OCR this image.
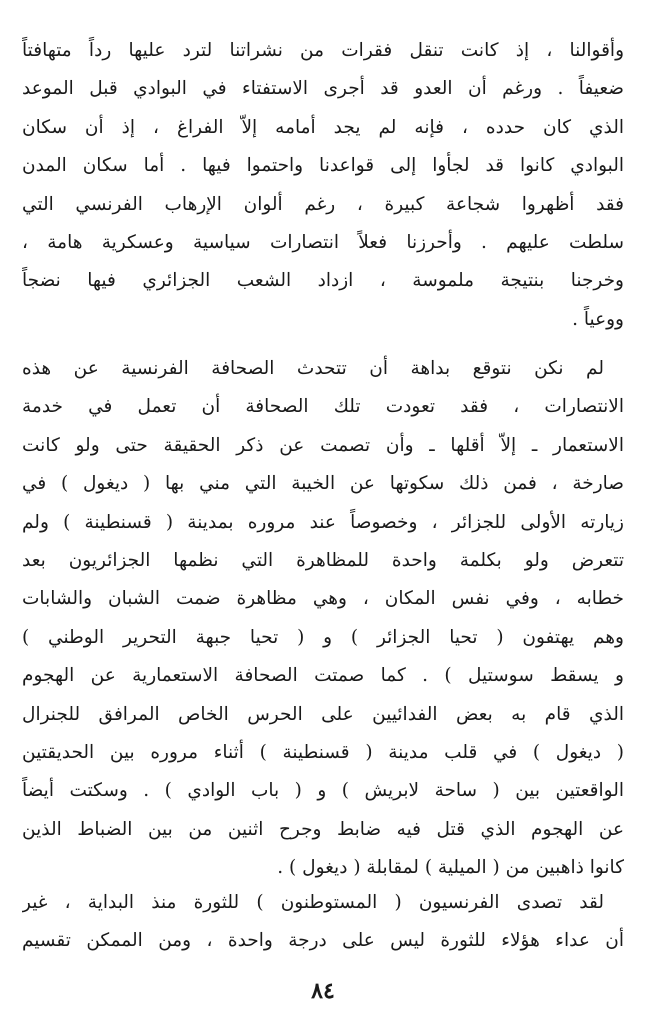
وأقوالنا ، إذ كانت تنقل فقرات من نشراتنا لترد عليها رداً متهافتاً
ضعيفاً . ورغم أن العدو قد أجرى الاستفتاء في البوادي قبل الموعد
الذي كان حدده ، فإنه لم يجد أمامه إلاّ الفراغ ، إذ أن سكان
البوادي كانوا قد لجأوا إلى قواعدنا واحتموا فيها . أما سكان المدن
فقد أظهروا شجاعة كبيرة ، رغم ألوان الإرهاب الفرنسي التي
سلطت عليهم . وأحرزنا فعلاً انتصارات سياسية وعسكرية هامة ،
وخرجنا بنتيجة ملموسة ، ازداد الشعب الجزائري فيها نضجاً
ووعياً .
لم نكن نتوقع بداهة أن تتحدث الصحافة الفرنسية عن هذه
الانتصارات ، فقد تعودت تلك الصحافة أن تعمل في خدمة
الاستعمار ـ إلاّ أقلها ـ وأن تصمت عن ذكر الحقيقة حتى ولو كانت
صارخة ، فمن ذلك سكوتها عن الخيبة التي مني بها ( ديغول ) في
زيارته الأولى للجزائر ، وخصوصاً عند مروره بمدينة ( قسنطينة ) ولم
تتعرض ولو بكلمة واحدة للمظاهرة التي نظمها الجزائريون بعد
خطابه ، وفي نفس المكان ، وهي مظاهرة ضمت الشبان والشابات
وهم يهتفون ( تحيا الجزائر ) و ( تحيا جبهة التحرير الوطني )
و يسقط سوستيل ) . كما صمتت الصحافة الاستعمارية عن الهجوم
الذي قام به بعض الفدائيين على الحرس الخاص المرافق للجنرال
( ديغول ) في قلب مدينة ( قسنطينة ) أثناء مروره بين الحديقتين
الواقعتين بين ( ساحة لابريش ) و ( باب الوادي ) . وسكتت أيضاً
عن الهجوم الذي قتل فيه ضابط وجرح اثنين من بين الضباط الذين
كانوا ذاهبين من ( الميلية ) لمقابلة ( ديغول ) .
لقد تصدى الفرنسيون ( المستوطنون ) للثورة منذ البداية ، غير
أن عداء هؤلاء للثورة ليس على درجة واحدة ، ومن الممكن تقسيم
٨٤
